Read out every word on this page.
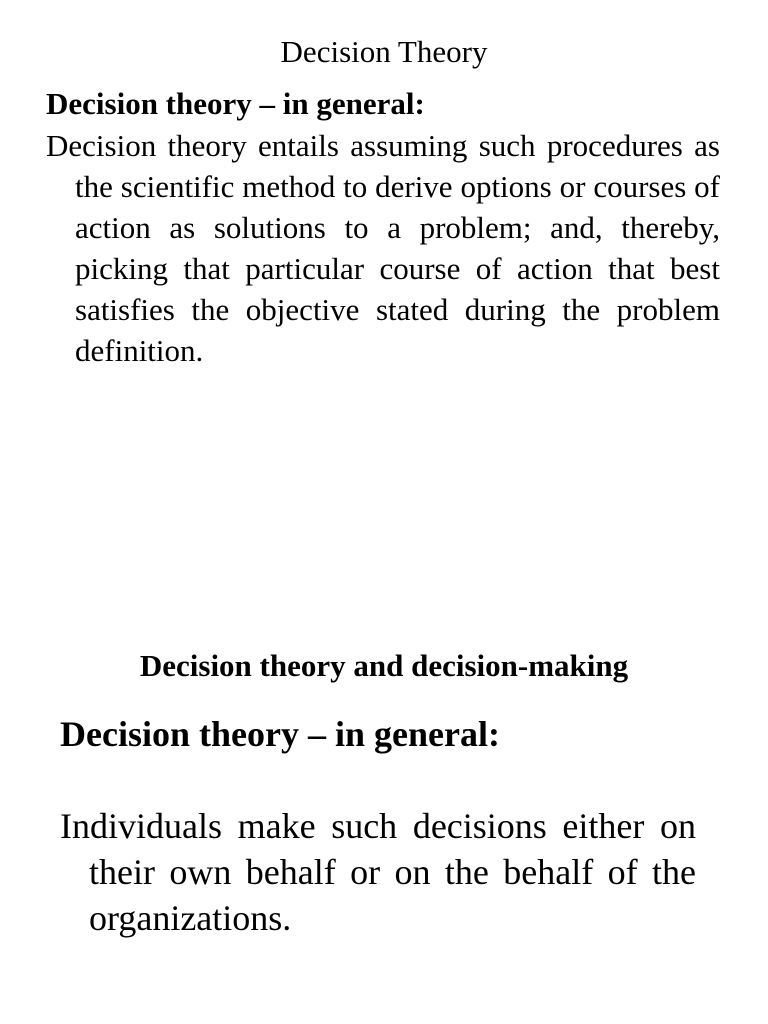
Decision Theory
Decision theory – in general:
Decision theory entails assuming such procedures as the scientific method to derive options or courses of action as solutions to a problem; and, thereby, picking that particular course of action that best satisfies the objective stated during the problem definition.
Decision theory and decision-making
Decision theory – in general:
Individuals make such decisions either on their own behalf or on the behalf of the organizations.
